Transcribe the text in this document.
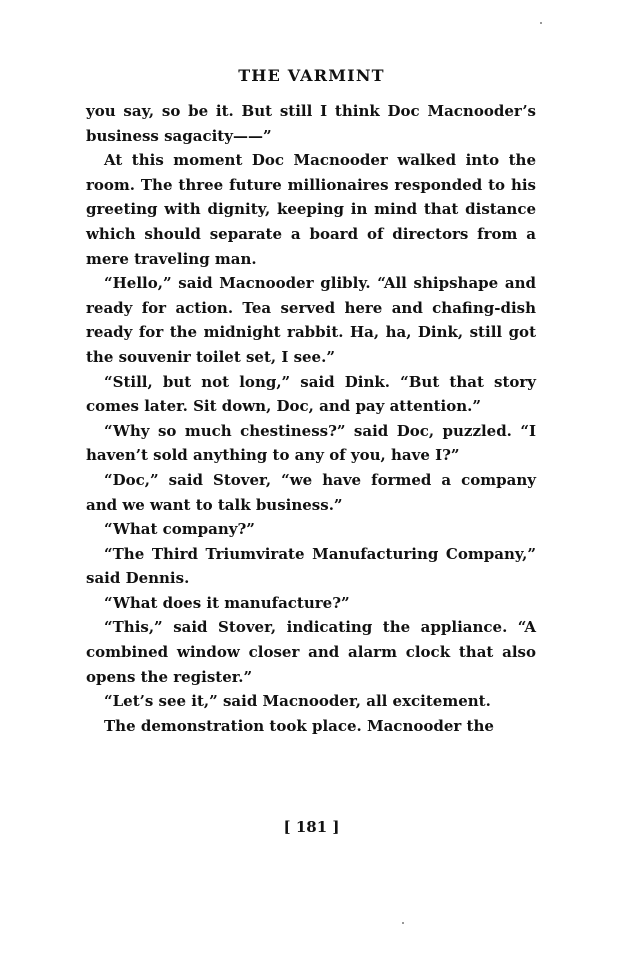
THE VARMINT

you say, so be it. But still I think Doc Macnooder’s business sagacity——”

At this moment Doc Macnooder walked into the room. The three future millionaires responded to his greeting with dignity, keeping in mind that distance which should separate a board of directors from a mere traveling man.

“Hello,” said Macnooder glibly. “All shipshape and ready for action. Tea served here and chafing-dish ready for the midnight rabbit. Ha, ha, Dink, still got the souvenir toilet set, I see.”

“Still, but not long,” said Dink. “But that story comes later. Sit down, Doc, and pay attention.”

“Why so much chestiness?” said Doc, puzzled. “I haven’t sold anything to any of you, have I?”

“Doc,” said Stover, “we have formed a company and we want to talk business.”

“What company?”

“The Third Triumvirate Manufacturing Company,” said Dennis.

“What does it manufacture?”

“This,” said Stover, indicating the appliance. “A combined window closer and alarm clock that also opens the register.”

“Let’s see it,” said Macnooder, all excitement.

The demonstration took place. Macnooder the

[ 181 ]
